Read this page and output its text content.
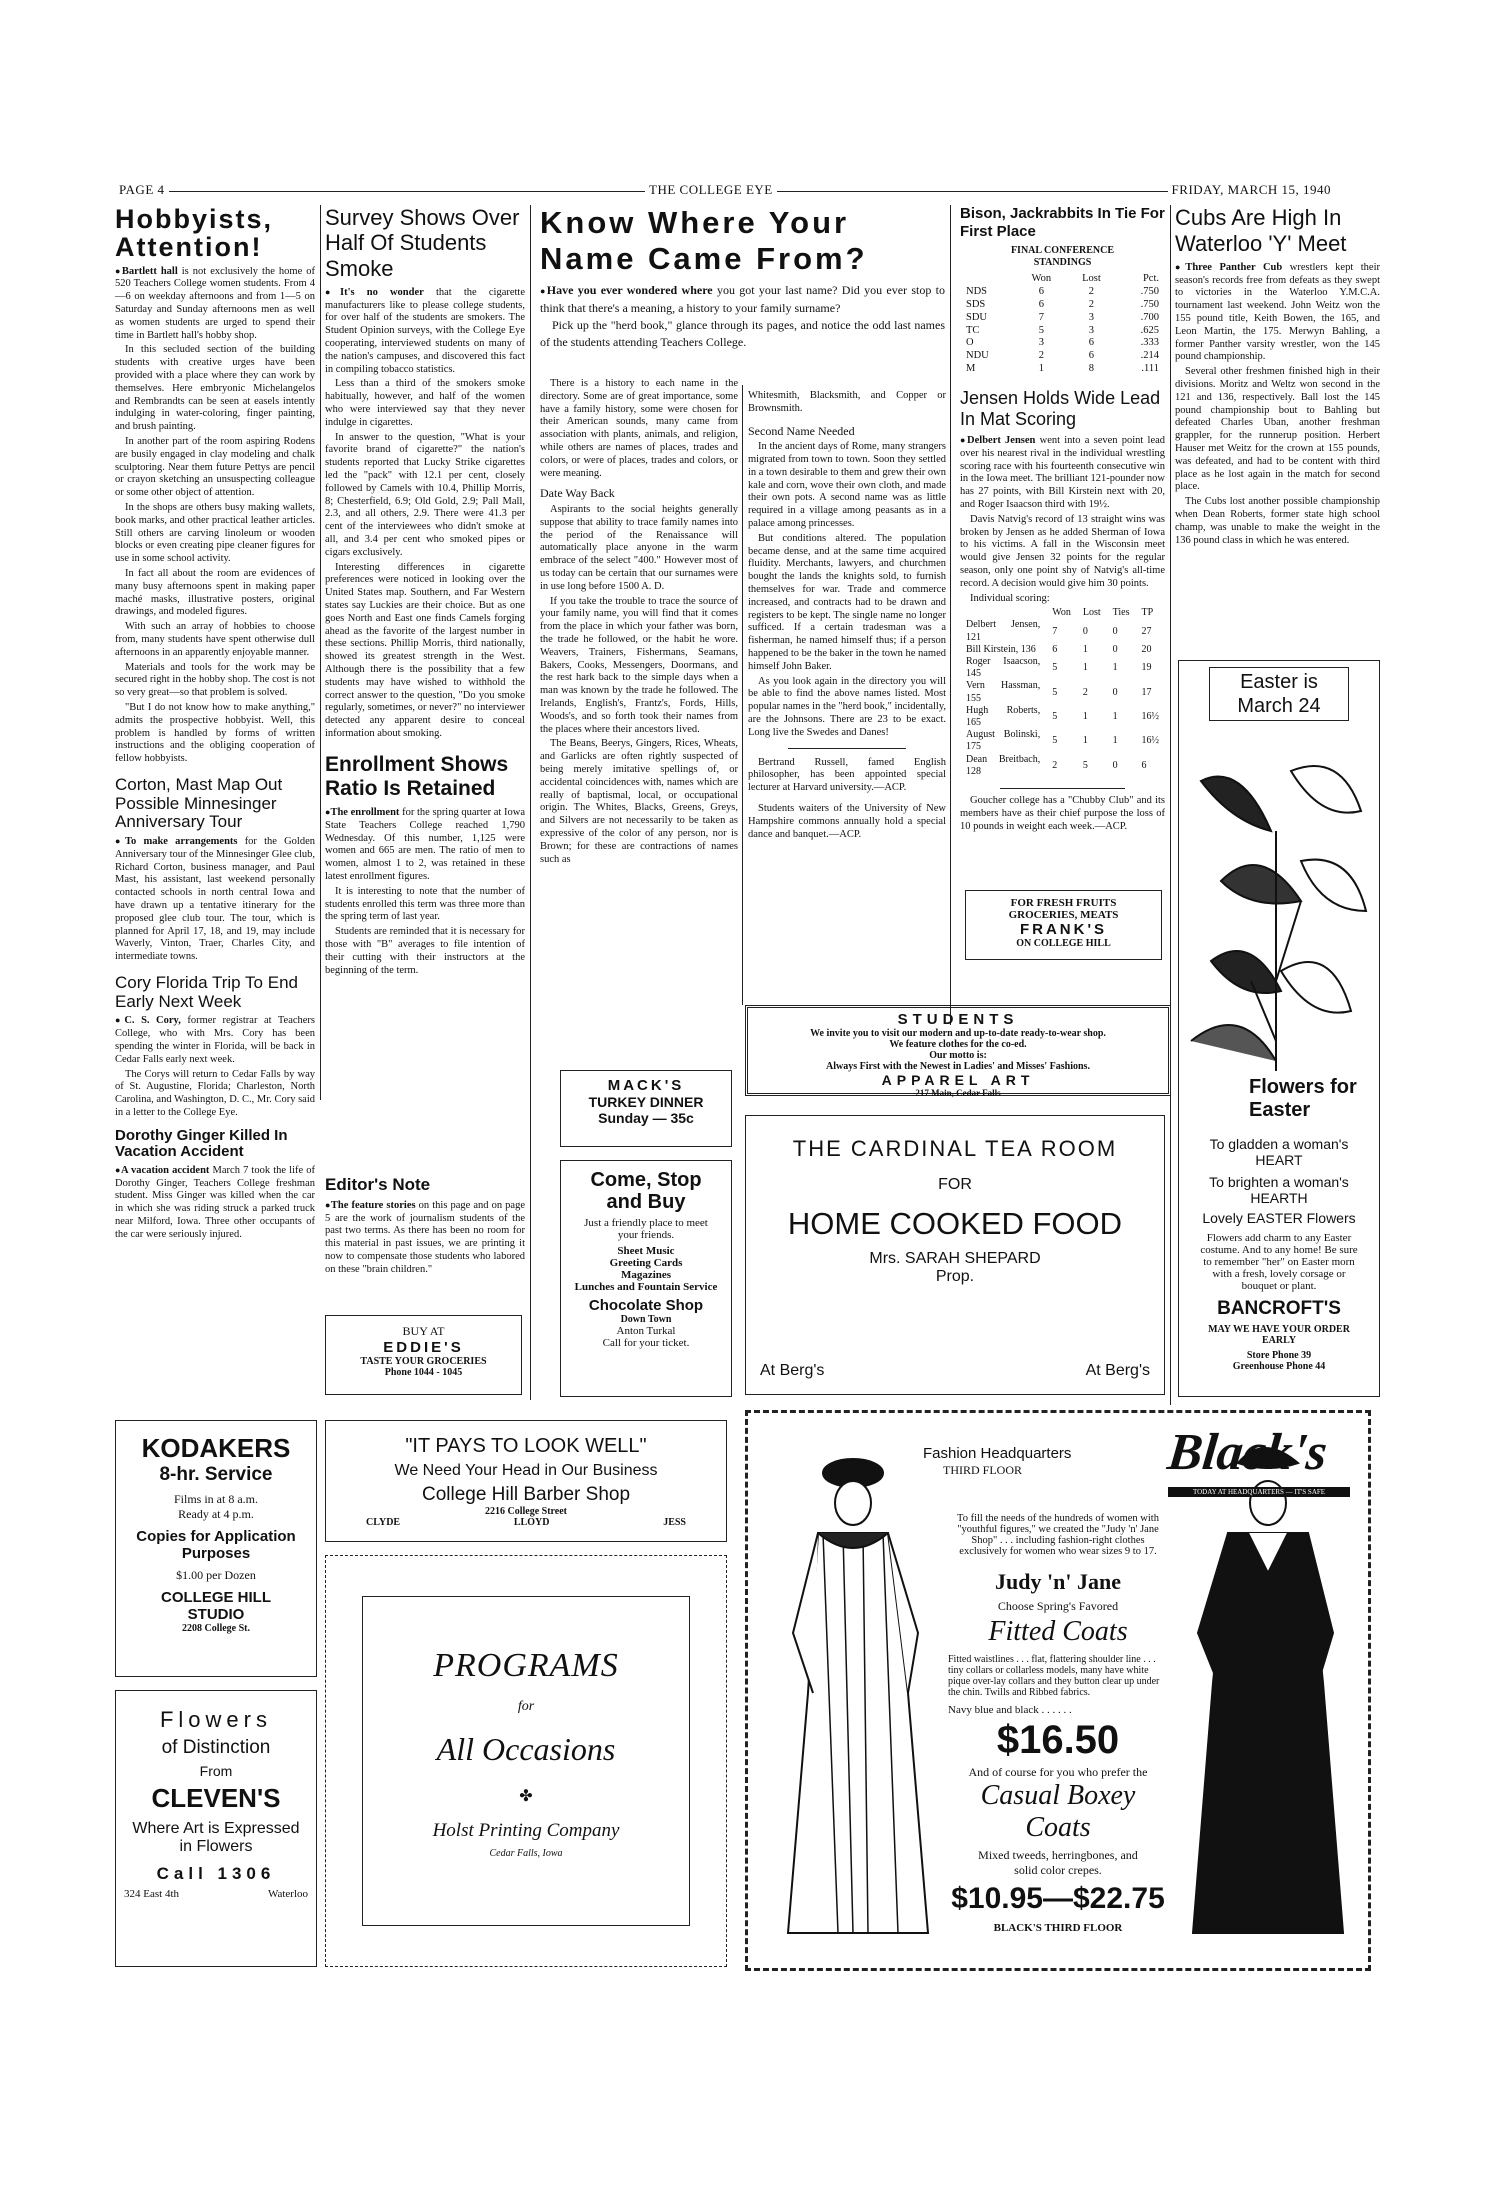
PAGE 4	THE COLLEGE EYE	FRIDAY, MARCH 15, 1940
Hobbyists, Attention!

● Bartlett hall is not exclusively the home of 520 Teachers College women students. From 4—6 on weekday afternoons and from 1—5 on Saturday and Sunday afternoons men as well as women students are urged to spend their time in Bartlett hall's hobby shop.

In this secluded section of the building students with creative urges have been provided with a place where they can work by themselves. Here embryonic Michelangelos and Rembrandts can be seen at easels intently indulging in water-coloring, finger painting, and brush painting.

In another part of the room aspiring Rodens are busily engaged in clay modeling and chalk sculptoring. Near them future Pettys are pencil or crayon sketching an unsuspecting colleague or some other object of attention.

In the shops are others busy making wallets, book marks, and other practical leather articles. Still others are carving linoleum or wooden blocks or even creating pipe cleaner figures for use in some school activity.

In fact all about the room are evidences of many busy afternoons spent in making paper maché masks, illustrative posters, original drawings, and modeled figures.

With such an array of hobbies to choose from, many students have spent otherwise dull afternoons in an apparently enjoyable manner.

Materials and tools for the work may be secured right in the hobby shop. The cost is not so very great—so that problem is solved.

"But I do not know how to make anything," admits the prospective hobbyist. Well, this problem is handled by forms of written instructions and the obliging cooperation of fellow hobbyists.

Corton, Mast Map Out Possible Minnesinger Anniversary Tour

● To make arrangements for the Golden Anniversary tour of the Minnesinger Glee club, Richard Corton, business manager, and Paul Mast, his assistant, last weekend personally contacted schools in north central Iowa and have drawn up a tentative itinerary for the proposed glee club tour. The tour, which is planned for April 17, 18, and 19, may include Waverly, Vinton, Traer, Charles City, and intermediate towns.

Cory Florida Trip To End Early Next Week

● C. S. Cory, former registrar at Teachers College, who with Mrs. Cory has been spending the winter in Florida, will be back in Cedar Falls early next week.

The Corys will return to Cedar Falls by way of St. Augustine, Florida; Charleston, North Carolina, and Washington, D. C., Mr. Cory said in a letter to the College Eye.

Dorothy Ginger Killed In Vacation Accident

● A vacation accident March 7 took the life of Dorothy Ginger, Teachers College freshman student. Miss Ginger was killed when the car in which she was riding struck a parked truck near Milford, Iowa. Three other occupants of the car were seriously injured.

Survey Shows Over Half Of Students Smoke

● It's no wonder that the cigarette manufacturers like to please college students, for over half of the students are smokers. The Student Opinion surveys, with the College Eye cooperating, interviewed students on many of the nation's campuses, and discovered this fact in compiling tobacco statistics.

Less than a third of the smokers smoke habitually, however, and half of the women who were interviewed say that they never indulge in cigarettes.

In answer to the question, "What is your favorite brand of cigarette?" the nation's students reported that Lucky Strike cigarettes led the "pack" with 12.1 per cent, closely followed by Camels with 10.4, Phillip Morris, 8; Chesterfield, 6.9; Old Gold, 2.9; Pall Mall, 2.3, and all others, 2.9. There were 41.3 per cent of the interviewees who didn't smoke at all, and 3.4 per cent who smoked pipes or cigars exclusively.

Interesting differences in cigarette preferences were noticed in looking over the United States map. Southern, and Far Western states say Luckies are their choice. But as one goes North and East one finds Camels forging ahead as the favorite of the largest number in these sections. Phillip Morris, third nationally, showed its greatest strength in the West. Although there is the possibility that a few students may have wished to withhold the correct answer to the question, "Do you smoke regularly, sometimes, or never?" no interviewer detected any apparent desire to conceal information about smoking.

Enrollment Shows Ratio Is Retained

● The enrollment for the spring quarter at Iowa State Teachers College reached 1,790 Wednesday. Of this number, 1,125 were women and 665 are men. The ratio of men to women, almost 1 to 2, was retained in these latest enrollment figures.

It is interesting to note that the number of students enrolled this term was three more than the spring term of last year.

Students are reminded that it is necessary for those with "B" averages to file intention of their cutting with their instructors at the beginning of the term.

Editor's Note

● The feature stories on this page and on page 5 are the work of journalism students of the past two terms. As there has been no room for this material in past issues, we are printing it now to compensate those students who labored on these "brain children."

BUY AT
EDDIE'S
TASTE YOUR GROCERIES
Phone 1044 - 1045
Know Where Your Name Came From?
● Have you ever wondered where you got your last name? Did you ever stop to think that there's a meaning, a history to your family surname?
Pick up the "herd book," glance through its pages, and notice the odd last names of the students attending Teachers College.

There is a history to each name in the directory. Some are of great importance, some have a family history, some were chosen for their American sounds, many came from association with plants, animals, and religion, while others are names of places, trades and colors, or were of places, trades and colors, or were meaning.

Date Way Back

Aspirants to the social heights generally suppose that ability to trace family names into the period of the Renaissance will automatically place anyone in the warm embrace of the select "400." However most of us today can be certain that our surnames were in use long before 1500 A. D.

If you take the trouble to trace the source of your family name, you will find that it comes from the place in which your father was born, the trade he followed, or the habit he wore. Weavers, Trainers, Fishermans, Seamans, Bakers, Cooks, Messengers, Doormans, and the rest hark back to the simple days when a man was known by the trade he followed. The Irelands, English's, Frantz's, Fords, Hills, Woods's, and so forth took their names from the places where their ancestors lived.

The Beans, Beerys, Gingers, Rices, Wheats, and Garlicks are often rightly suspected of being merely imitative spellings of, or accidental coincidences with, names which are really of baptismal, local, or occupational origin. The Whites, Blacks, Greens, Greys, and Silvers are not necessarily to be taken as expressive of the color of any person, nor is Brown; for these are contractions of names such as

Whitesmith, Blacksmith, and Copper or Brownsmith.

Second Name Needed

In the ancient days of Rome, many strangers migrated from town to town. Soon they settled in a town desirable to them and grew their own kale and corn, wove their own cloth, and made their own pots. A second name was as little required in a village among peasants as in a palace among princesses.

But conditions altered. The population became dense, and at the same time acquired fluidity. Merchants, lawyers, and churchmen bought the lands the knights sold, to furnish themselves for war. Trade and commerce increased, and contracts had to be drawn and registers to be kept. The single name no longer sufficed. If a certain tradesman was a fisherman, he named himself thus; if a person happened to be the baker in the town he named himself John Baker.

As you look again in the directory you will be able to find the above names listed. Most popular names in the "herd book," incidentally, are the Johnsons. There are 23 to be exact. Long live the Swedes and Danes!

Bertrand Russell, famed English philosopher, has been appointed special lecturer at Harvard university.—ACP.

Students waiters of the University of New Hampshire commons annually hold a special dance and banquet.—ACP.

MACK'S
TURKEY DINNER
Sunday — 35c
Come, Stop and Buy
Just a friendly place to meet your friends.
Sheet Music
Greeting Cards
Magazines
Lunches and Fountain Service
Chocolate Shop
Down Town
Anton Turkal
Call for your ticket.
Bison, Jackrabbits In Tie For First Place
FINAL CONFERENCE STANDINGS
	Won	Lost	Pct.
NDS	6	2	.750
SDS	6	2	.750
SDU	7	3	.700
TC	5	3	.625
O	3	6	.333
NDU	2	6	.214
M	1	8	.111
Jensen Holds Wide Lead In Mat Scoring

● Delbert Jensen went into a seven point lead over his nearest rival in the individual wrestling scoring race with his fourteenth consecutive win in the Iowa meet. The brilliant 121-pounder now has 27 points, with Bill Kirstein next with 20, and Roger Isaacson third with 19½.

Davis Natvig's record of 13 straight wins was broken by Jensen as he added Sherman of Iowa to his victims. A fall in the Wisconsin meet would give Jensen 32 points for the regular season, only one point shy of Natvig's all-time record. A decision would give him 30 points.

Individual scoring:

	Won	Lost	Ties	TP
Delbert Jensen, 121	7	0	0	27
Bill Kirstein, 136	6	1	0	20
Roger Isaacson, 145	5	1	1	19
Vern Hassman, 155	5	2	0	17
Hugh Roberts, 165	5	1	1	16½
August Bolinski, 175	5	1	1	16½
Dean Breitbach, 128	2	5	0	6

Goucher college has a "Chubby Club" and its members have as their chief purpose the loss of 10 pounds in weight each week.—ACP.

FOR FRESH FRUITS
GROCERIES, MEATS
FRANK'S
ON COLLEGE HILL
Cubs Are High In Waterloo 'Y' Meet

● Three Panther Cub wrestlers kept their season's records free from defeats as they swept to victories in the Waterloo Y.M.C.A. tournament last weekend. John Weitz won the 155 pound title, Keith Bowen, the 165, and Leon Martin, the 175. Merwyn Bahling, a former Panther varsity wrestler, won the 145 pound championship.

Several other freshmen finished high in their divisions. Moritz and Weltz won second in the 121 and 136, respectively. Ball lost the 145 pound championship bout to Bahling but defeated Charles Uban, another freshman grappler, for the runnerup position. Herbert Hauser met Weitz for the crown at 155 pounds, was defeated, and had to be content with third place as he lost again in the match for second place.

The Cubs lost another possible championship when Dean Roberts, former state high school champ, was unable to make the weight in the 136 pound class in which he was entered.

Easter is March 24
Flowers for Easter
To gladden a woman's HEART
To brighten a woman's HEARTH
Lovely EASTER Flowers
Flowers add charm to any Easter costume. And to any home! Be sure to remember "her" on Easter morn with a fresh, lovely corsage or bouquet or plant.
BANCROFT'S
MAY WE HAVE YOUR ORDER EARLY
Store Phone 39
Greenhouse Phone 44
STUDENTS
We invite you to visit our modern and up-to-date ready-to-wear shop.
We feature clothes for the co-ed.
Our motto is:
Always First with the Newest in Ladies' and Misses' Fashions.
APPAREL ART
217 Main, Cedar Falls
THE CARDINAL TEA ROOM
FOR
HOME COOKED FOOD
Mrs. SARAH SHEPARD
Prop.
At Berg's	At Berg's
KODAKERS
8-hr. Service
Films in at 8 a.m.
Ready at 4 p.m.
Copies for Application Purposes
$1.00 per Dozen
COLLEGE HILL STUDIO
2208 College St.
Flowers
of Distinction
From
CLEVEN'S
Where Art is Expressed in Flowers
Call 1306
324 East 4th	Waterloo
"IT PAYS TO LOOK WELL"
We Need Your Head in Our Business
College Hill Barber Shop
2216 College Street
CLYDE	LLOYD	JESS
PROGRAMS
for
All Occasions
✤
Holst Printing Company
Cedar Falls, Iowa
Fashion Headquarters
THIRD FLOOR	Black's
TODAY AT HEADQUARTERS — IT'S SAFE
To fill the needs of the hundreds of women with "youthful figures," we created the "Judy 'n' Jane Shop" . . . including fashion-right clothes exclusively for women who wear sizes 9 to 17.
Judy 'n' Jane
Choose Spring's Favored
Fitted Coats
Fitted waistlines . . . flat, flattering shoulder line . . . tiny collars or collarless models, many have white pique over-lay collars and they button clear up under the chin. Twills and Ribbed fabrics.
Navy blue and black . . . . . .
$16.50
And of course for you who prefer the
Casual Boxey Coats
Mixed tweeds, herringbones, and solid color crepes.
$10.95—$22.75
BLACK'S THIRD FLOOR
